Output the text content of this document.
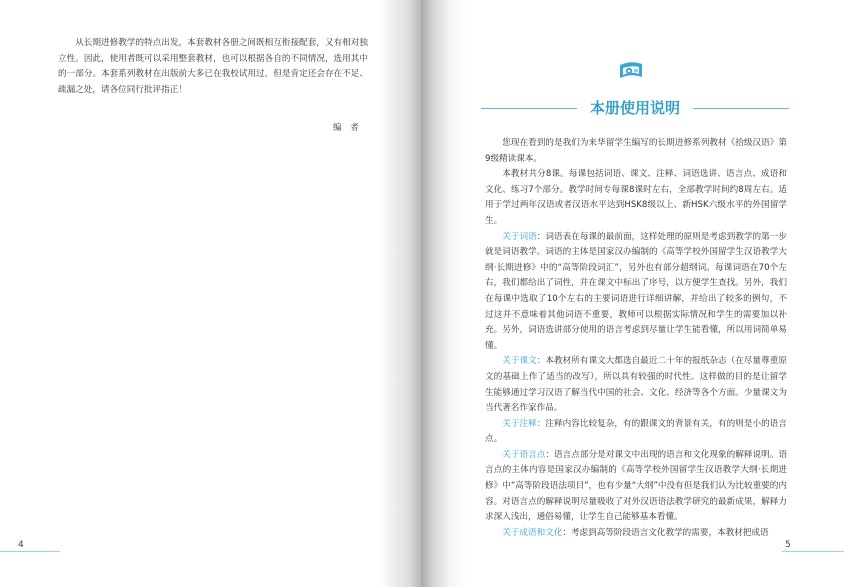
从长期进修教学的特点出发，本套教材各册之间既相互衔接配套，又有相对独立性。因此，使用者既可以采用整套教材，也可以根据各自的不同情况，选用其中的一部分。本套系列教材在出版前大多已在我校试用过，但是肯定还会存在不足、疏漏之处，请各位同行批评指正！

编　者

4
本册使用说明

您现在看到的是我们为来华留学生编写的长期进修系列教材《拾级汉语》第9级精读课本。

本教材共分8课。每课包括词语、课文、注释、词语选讲、语言点、成语和文化、练习7个部分。教学时间专每课8课时左右，全部教学时间约8周左右。适用于学过两年汉语或者汉语水平达到HSK8级以上、新HSK六级水平的外国留学生。

关于词语：词语表在每课的最前面，这样处理的原则是考虑到教学的第一步就是词语教学。词语的主体是国家汉办编制的《高等学校外国留学生汉语教学大纲·长期进修》中的“高等阶段词汇”，另外也有部分超纲词。每课词语在70个左右，我们都给出了词性，并在课文中标出了序号，以方便学生查找。另外，我们在每课中选取了10个左右的主要词语进行详细讲解，并给出了较多的例句，不过这并不意味着其他词语不重要，教师可以根据实际情况和学生的需要加以补充。另外，词语选讲部分使用的语言考虑到尽量让学生能看懂，所以用词简单易懂。

关于课文：本教材所有课文大都选自最近二十年的报纸杂志（在尽量尊重原文的基础上作了适当的改写），所以具有较强的时代性。这样做的目的是让留学生能够通过学习汉语了解当代中国的社会、文化、经济等各个方面。少量课文为当代著名作家作品。

关于注释：注释内容比较复杂，有的跟课文的背景有关，有的则是小的语言点。

关于语言点：语言点部分是对课文中出现的语言和文化现象的解释说明。语言点的主体内容是国家汉办编制的《高等学校外国留学生汉语教学大纲·长期进修》中“高等阶段语法项目”，也有少量“大纲”中没有但是我们认为比较重要的内容。对语言点的解释说明尽量吸收了对外汉语语法教学研究的最新成果，解释力求深入浅出，通俗易懂，让学生自己能够基本看懂。

关于成语和文化：考虑到高等阶段语言文化教学的需要，本教材把成语

5
